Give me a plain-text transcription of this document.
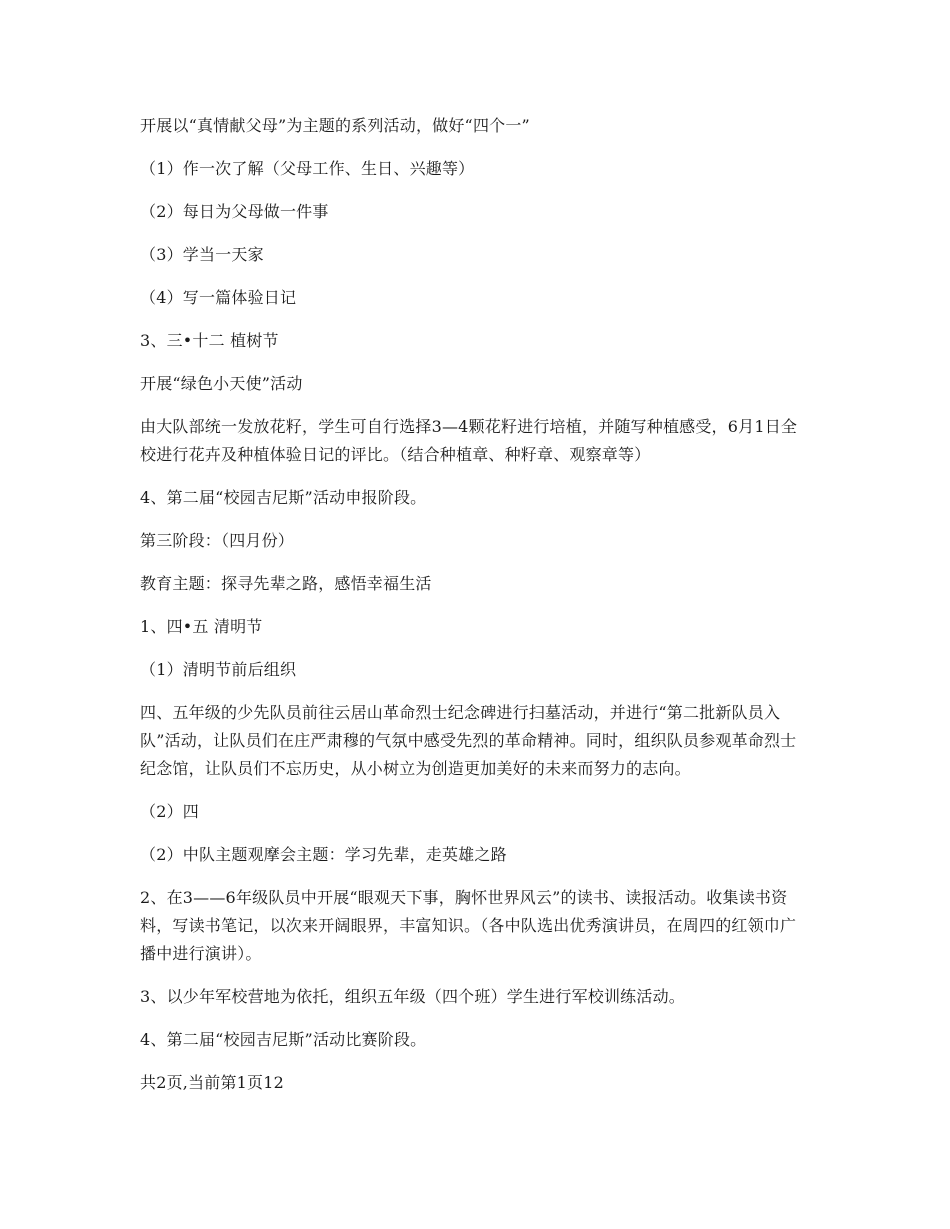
开展以“真情献父母”为主题的系列活动，做好“四个一”

（1）作一次了解（父母工作、生日、兴趣等）

（2）每日为父母做一件事

（3）学当一天家

（4）写一篇体验日记

3、三•十二 植树节

开展“绿色小天使”活动

由大队部统一发放花籽，学生可自行选择3—4颗花籽进行培植，并随写种植感受，6月1日全校进行花卉及种植体验日记的评比。（结合种植章、种籽章、观察章等）

4、第二届“校园吉尼斯”活动申报阶段。

第三阶段：（四月份）

教育主题：探寻先辈之路，感悟幸福生活

1、四•五 清明节

（1）清明节前后组织

四、五年级的少先队员前往云居山革命烈士纪念碑进行扫墓活动，并进行“第二批新队员入队”活动，让队员们在庄严肃穆的气氛中感受先烈的革命精神。同时，组织队员参观革命烈士纪念馆，让队员们不忘历史，从小树立为创造更加美好的未来而努力的志向。

（2）四

（2）中队主题观摩会主题：学习先辈，走英雄之路

2、在3——6年级队员中开展“眼观天下事，胸怀世界风云”的读书、读报活动。收集读书资料，写读书笔记，以次来开阔眼界，丰富知识。（各中队选出优秀演讲员，在周四的红领巾广播中进行演讲）。

3、以少年军校营地为依托，组织五年级（四个班）学生进行军校训练活动。

4、第二届“校园吉尼斯”活动比赛阶段。

共2页,当前第1页12
